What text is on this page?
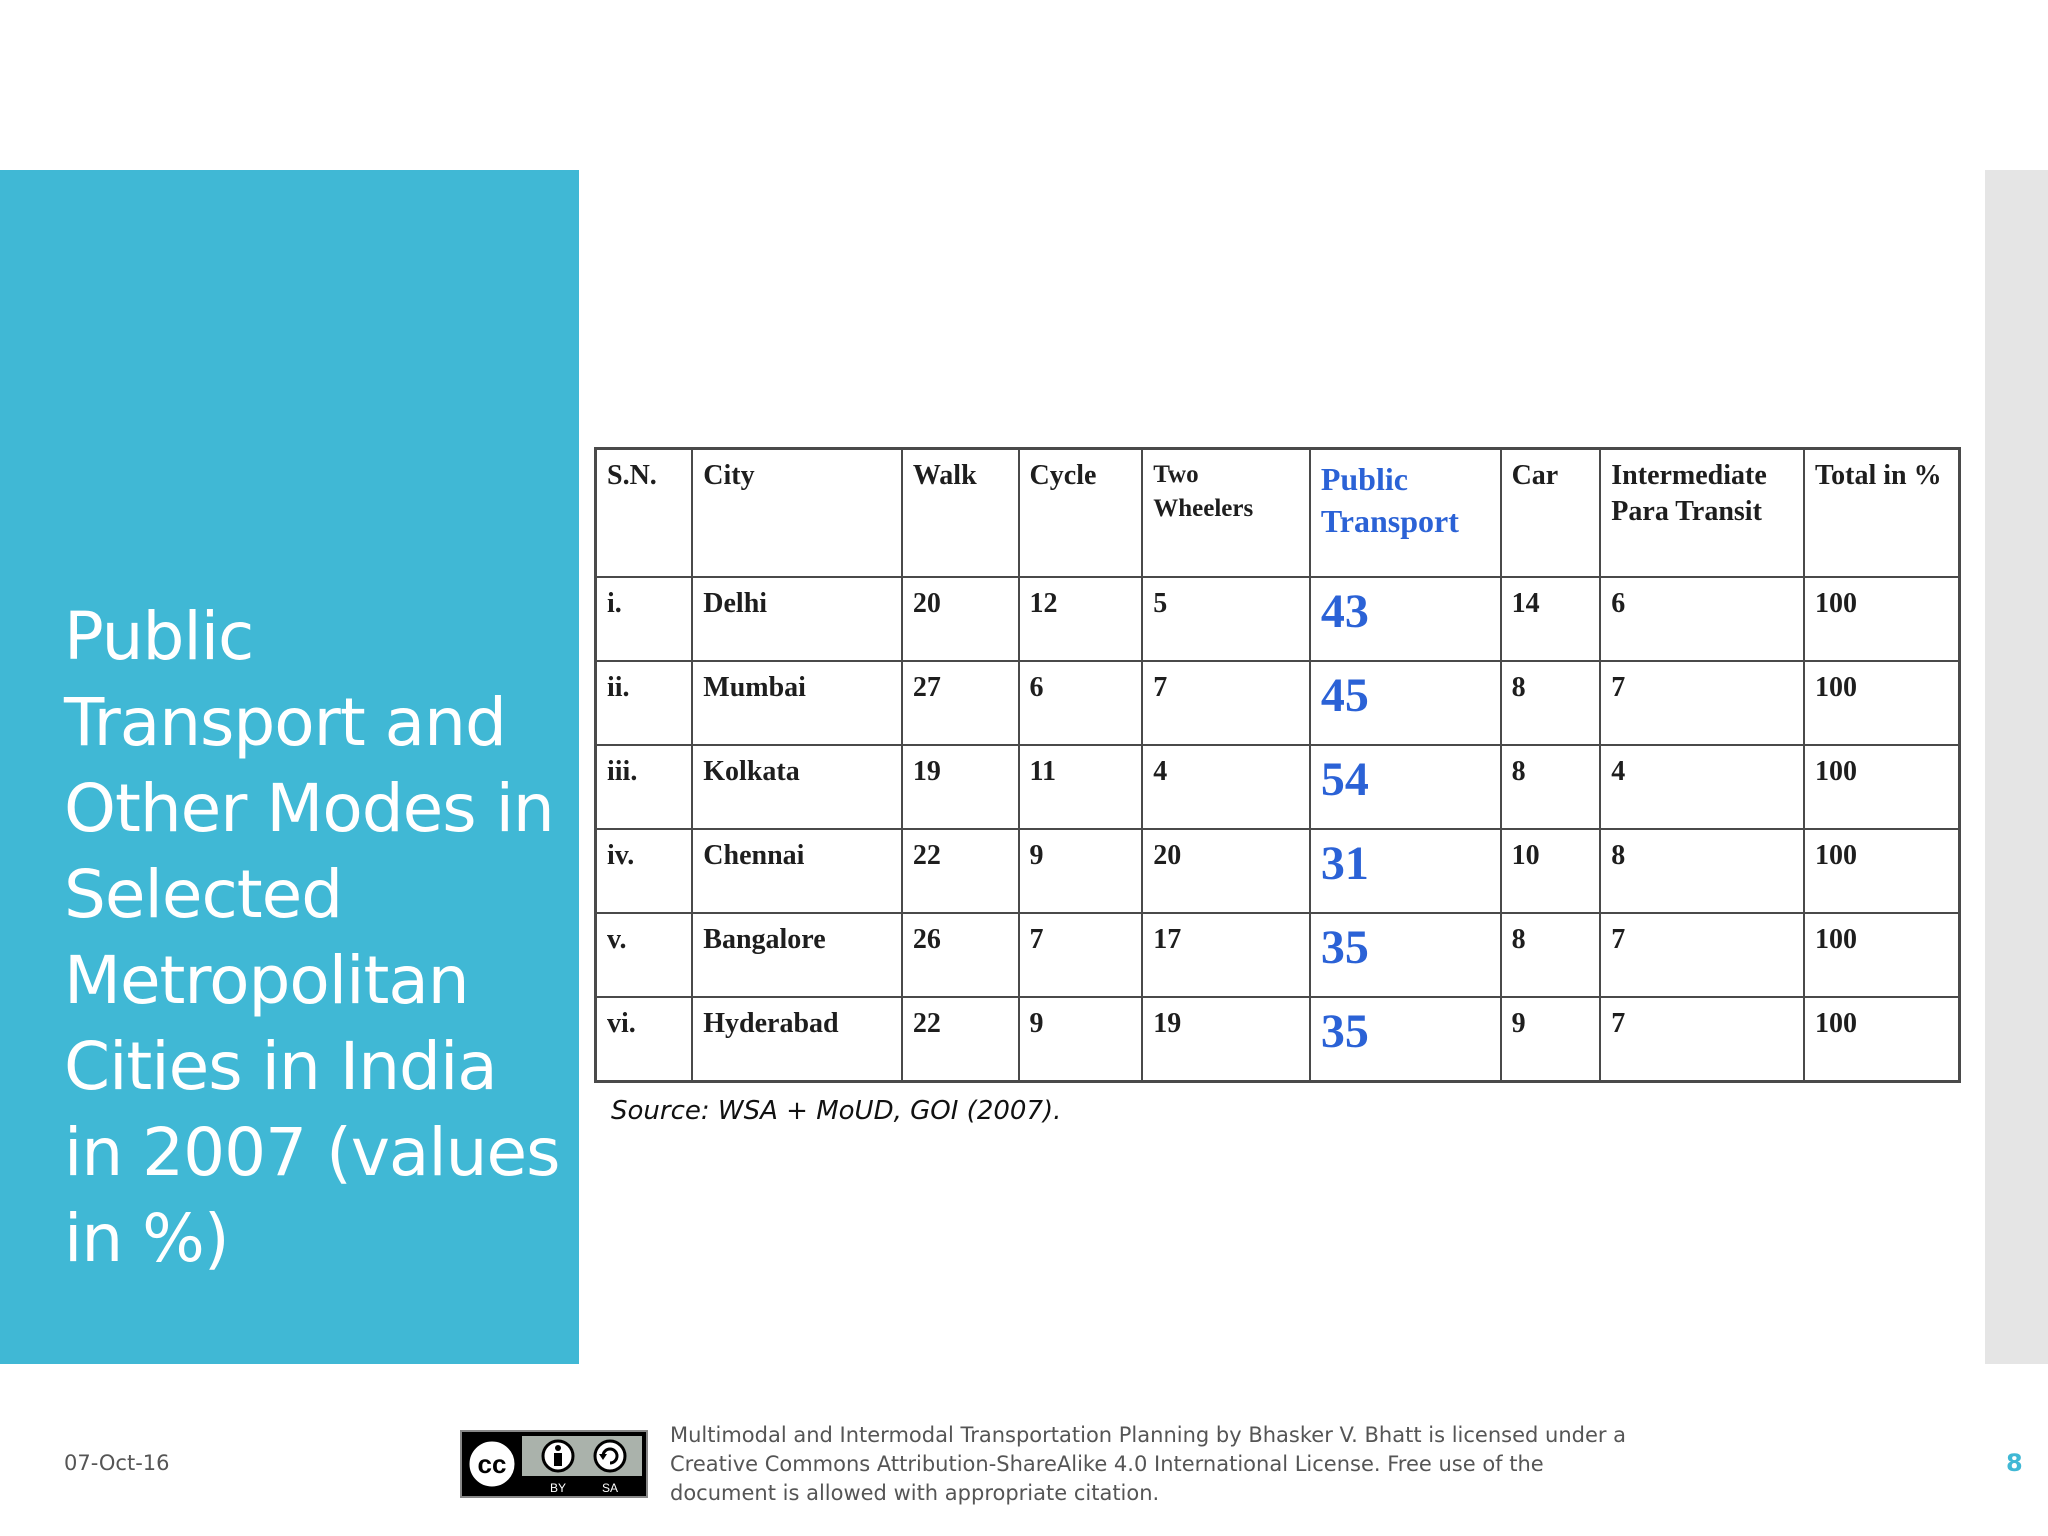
Public Transport and Other Modes in Selected Metropolitan Cities in India in 2007 (values in %)
S.N.	City	Walk	Cycle	Two Wheelers	Public Transport	Car	Intermediate Para Transit	Total in %
i.	Delhi	20	12	5	43	14	6	100
ii.	Mumbai	27	6	7	45	8	7	100
iii.	Kolkata	19	11	4	54	8	4	100
iv.	Chennai	22	9	20	31	10	8	100
v.	Bangalore	26	7	17	35	8	7	100
vi.	Hyderabad	22	9	19	35	9	7	100

Source: WSA + MoUD, GOI (2007).

07-Oct-16	cc
BY	SA

Multimodal and Intermodal Transportation Planning by Bhasker V. Bhatt is licensed under a Creative Commons Attribution-ShareAlike 4.0 International License. Free use of the document is allowed with appropriate citation.

8
